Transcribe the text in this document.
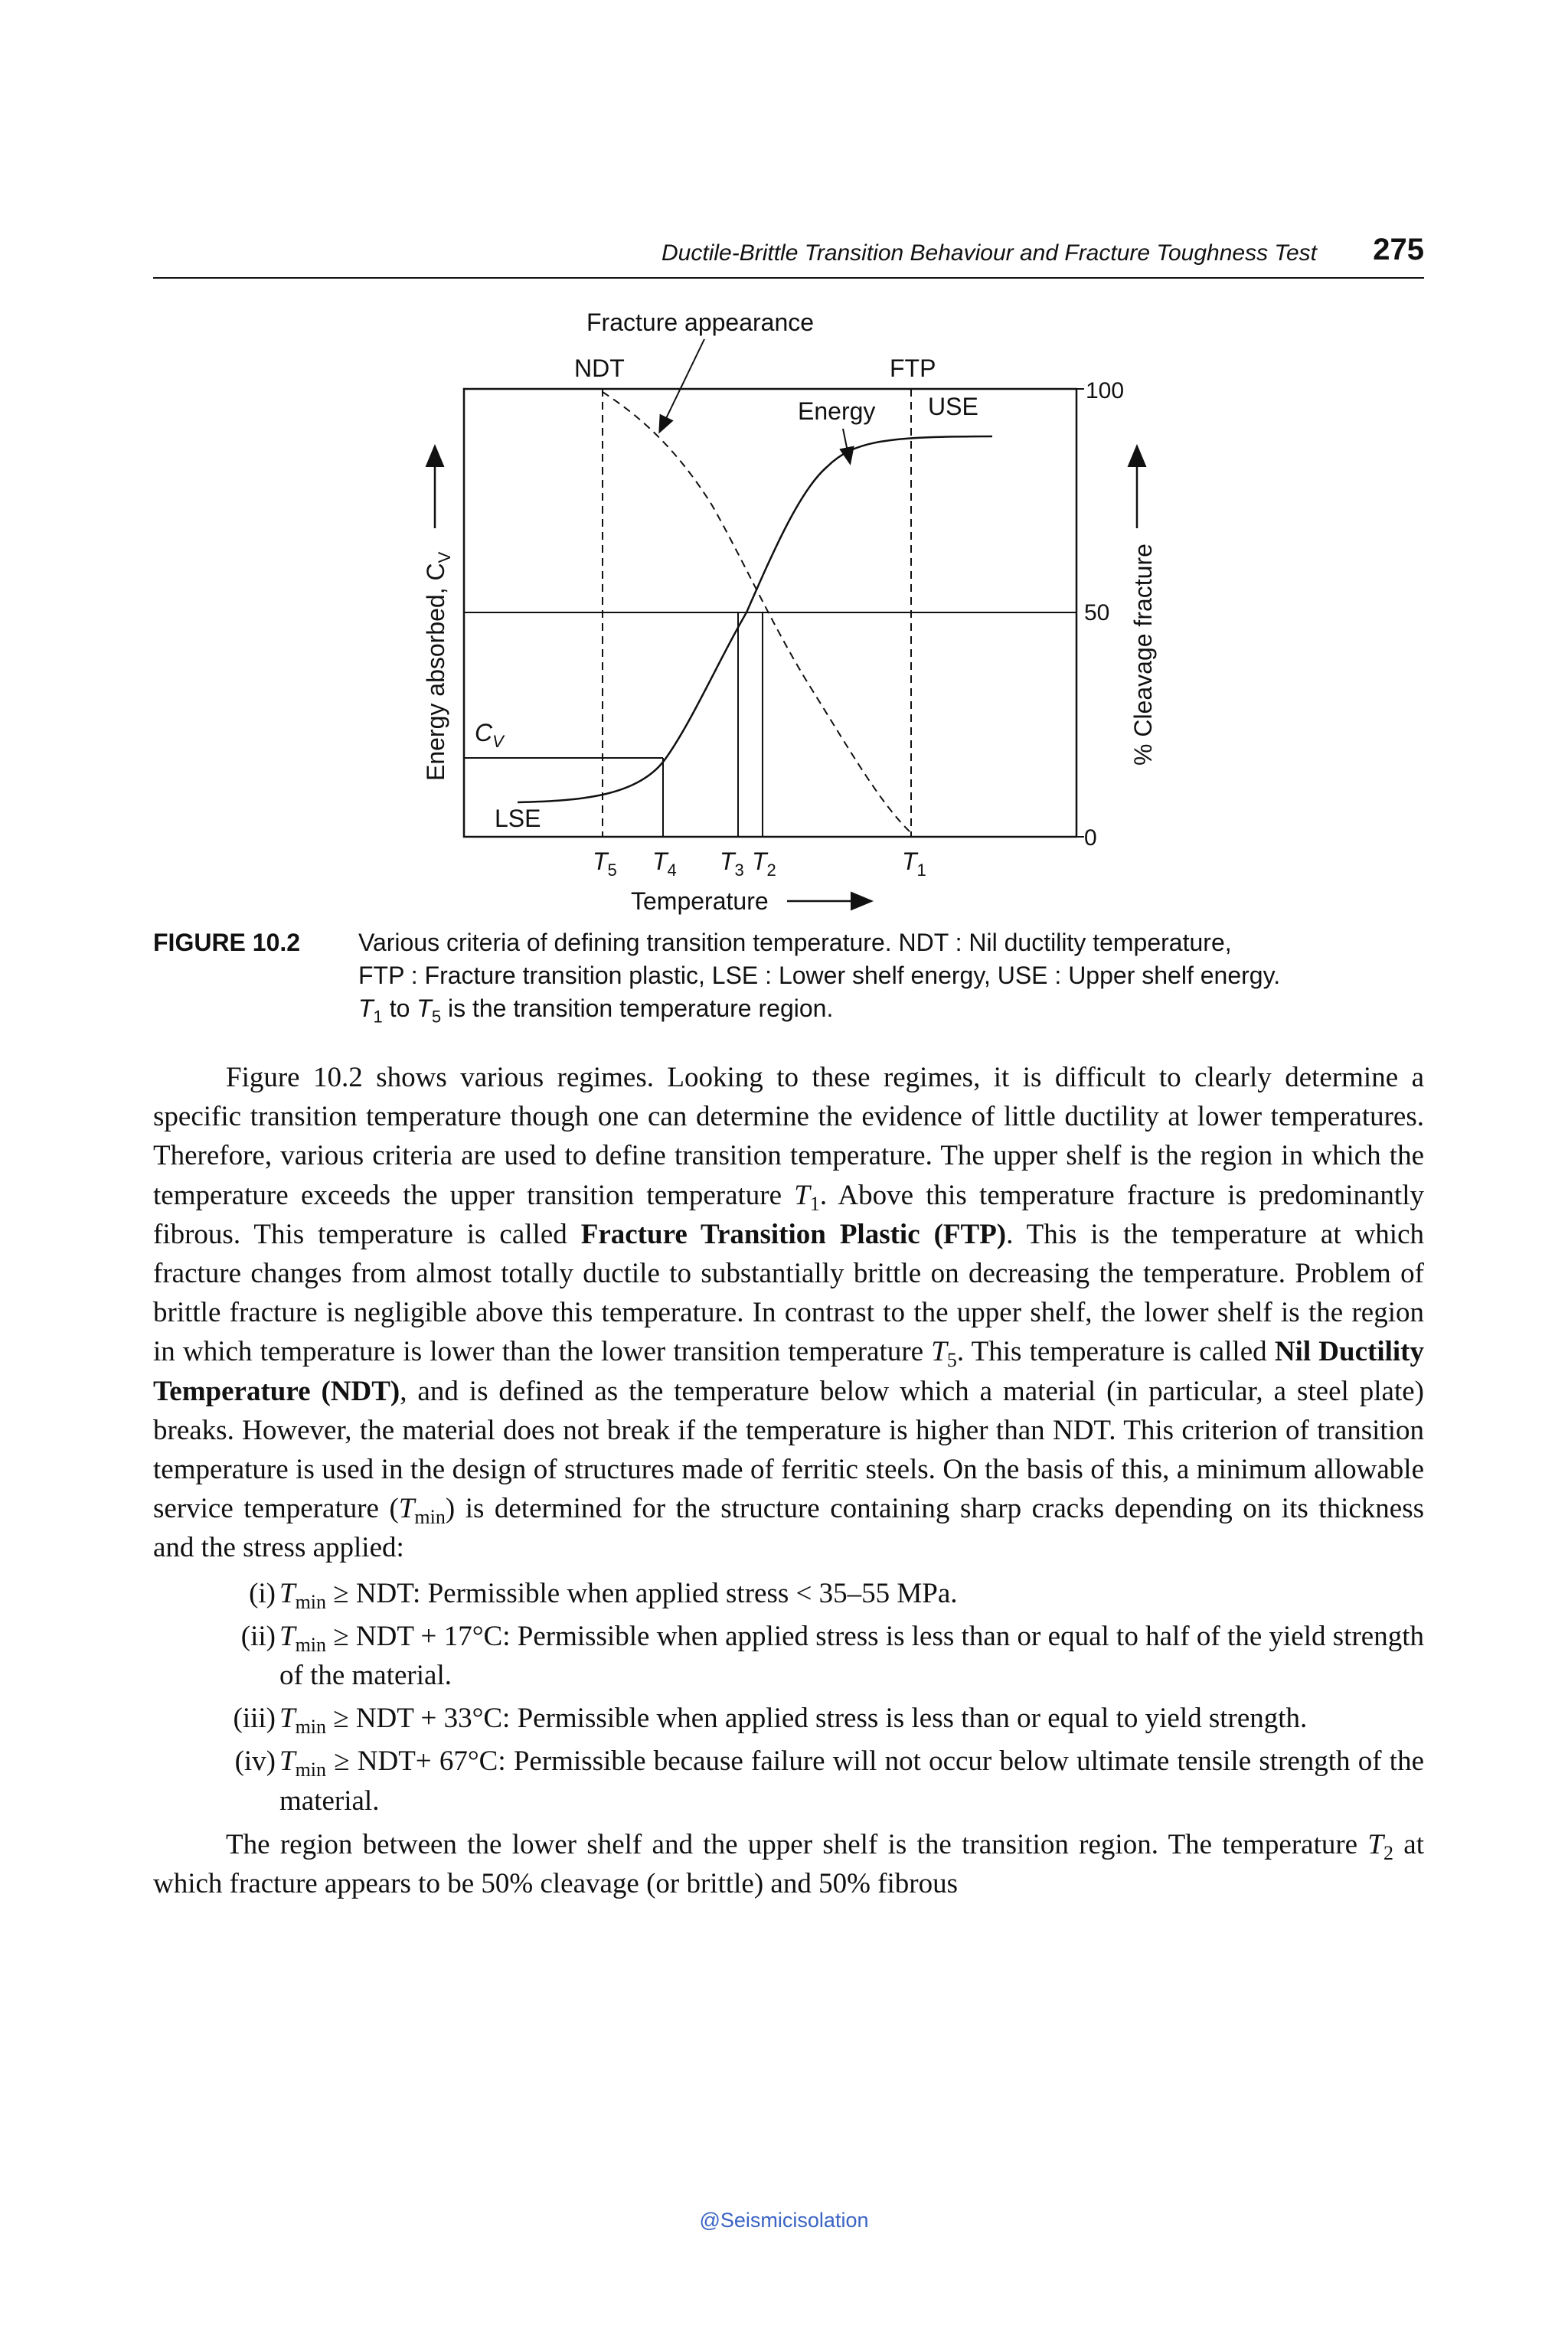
Ductile-Brittle Transition Behaviour and Fracture Toughness Test 275
Fracture appearance
NDT	FTP
Energy USE
LSE
$C_V$
Energy absorbed, $C_V$	% Cleavage fracture
100
50
0
$T_5$ $T_4$ $T_3$ $T_2$	$T_1$
Temperature
FIGURE 10.2 Various criteria of defining transition temperature. NDT : Nil ductility temperature,
FTP : Fracture transition plastic, LSE : Lower shelf energy, USE : Upper shelf energy.
$T_1$ to $T_5$ is the transition temperature region.

Figure 10.2 shows various regimes. Looking to these regimes, it is difficult to clearly determine a specific transition temperature though one can determine the evidence of little ductility at lower temperatures. Therefore, various criteria are used to define transition temperature. The upper shelf is the region in which the temperature exceeds the upper transition temperature $T_1$. Above this temperature fracture is predominantly fibrous. This temperature is called Fracture Transition Plastic (FTP). This is the temperature at which fracture changes from almost totally ductile to substantially brittle on decreasing the temperature. Problem of brittle fracture is negligible above this temperature. In contrast to the upper shelf, the lower shelf is the region in which temperature is lower than the lower transition temperature $T_5$. This temperature is called Nil Ductility Temperature (NDT), and is defined as the temperature below which a material (in particular, a steel plate) breaks. However, the material does not break if the temperature is higher than NDT. This criterion of transition temperature is used in the design of structures made of ferritic steels. On the basis of this, a minimum allowable service temperature $(T_{min})$ is determined for the structure containing sharp cracks depending on its thickness and the stress applied:

(i) $T_{min}$ ≥ NDT: Permissible when applied stress < 35–55 MPa.
(ii) $T_{min}$ ≥ NDT + 17°C: Permissible when applied stress is less than or equal to half of the yield strength of the material.
(iii) $T_{min}$ ≥ NDT + 33°C: Permissible when applied stress is less than or equal to yield strength.
(iv) $T_{min} \ge NDT+ 67^\circ C$: Permissible because failure will not occur below ultimate tensile strength of the material.

The region between the lower shelf and the upper shelf is the transition region. The temperature $T_2$ at which fracture appears to be 50% cleavage (or brittle) and 50% fibrous

@Seismicisolation
